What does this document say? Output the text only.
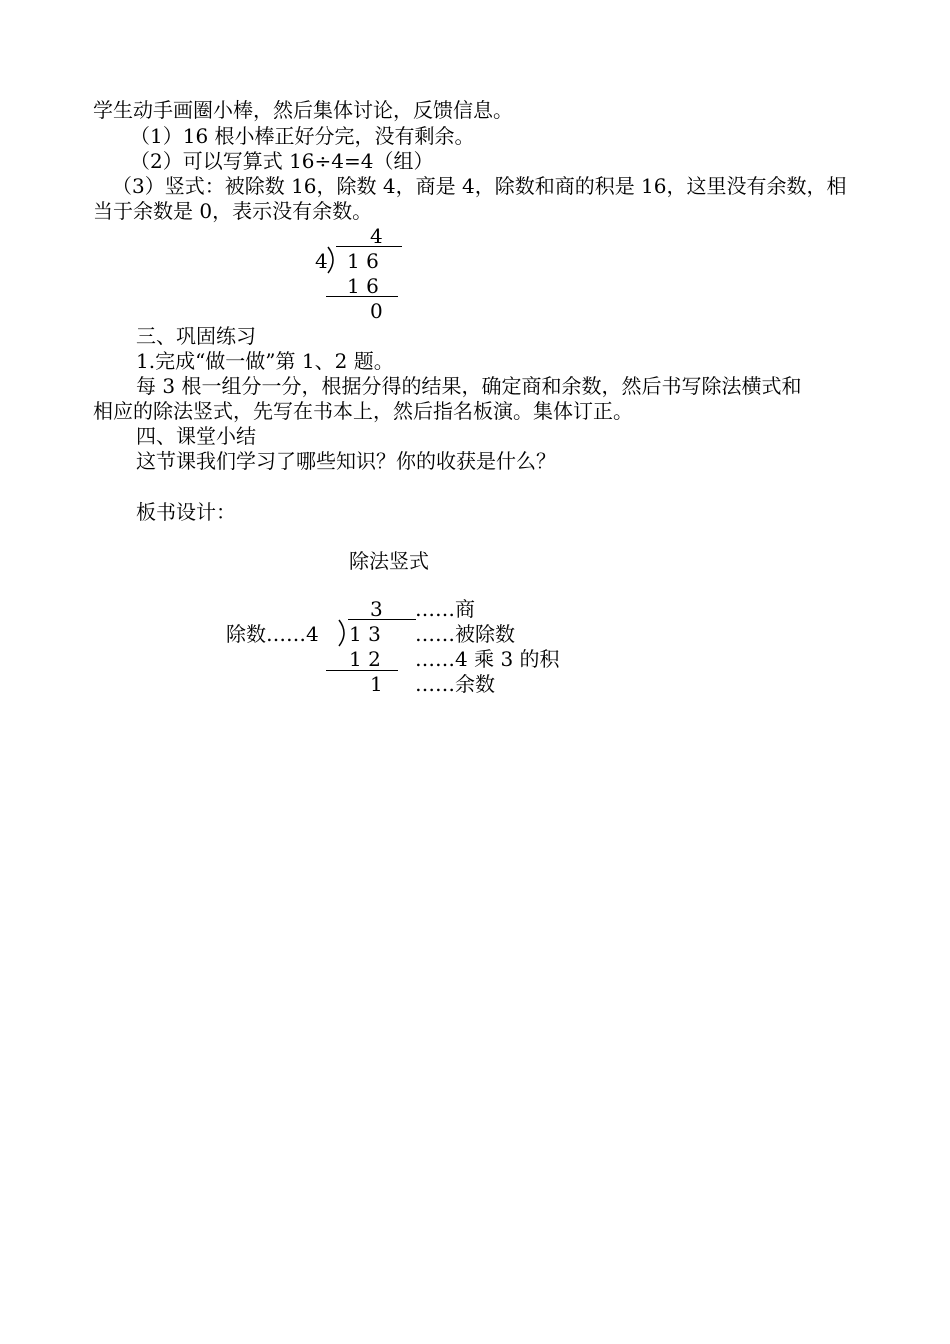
学生动手画圈小棒，然后集体讨论，反馈信息。
（1）16 根小棒正好分完，没有剩余。
（2）可以写算式 16÷4=4（组）
（3）竖式：被除数 16，除数 4，商是 4，除数和商的积是 16，这里没有余数，相
当于余数是 0，表示没有余数。
4
4 1 6
1 6
0
三、巩固练习
1.完成“做一做”第 1、2 题。
每 3 根一组分一分，根据分得的结果，确定商和余数，然后书写除法横式和
相应的除法竖式，先写在书本上，然后指名板演。集体订正。
四、课堂小结
这节课我们学习了哪些知识？你的收获是什么？
板书设计：
除法竖式
3
除数……4 1 3
1 2
1
……商
……被除数
……4 乘 3 的积
……余数
